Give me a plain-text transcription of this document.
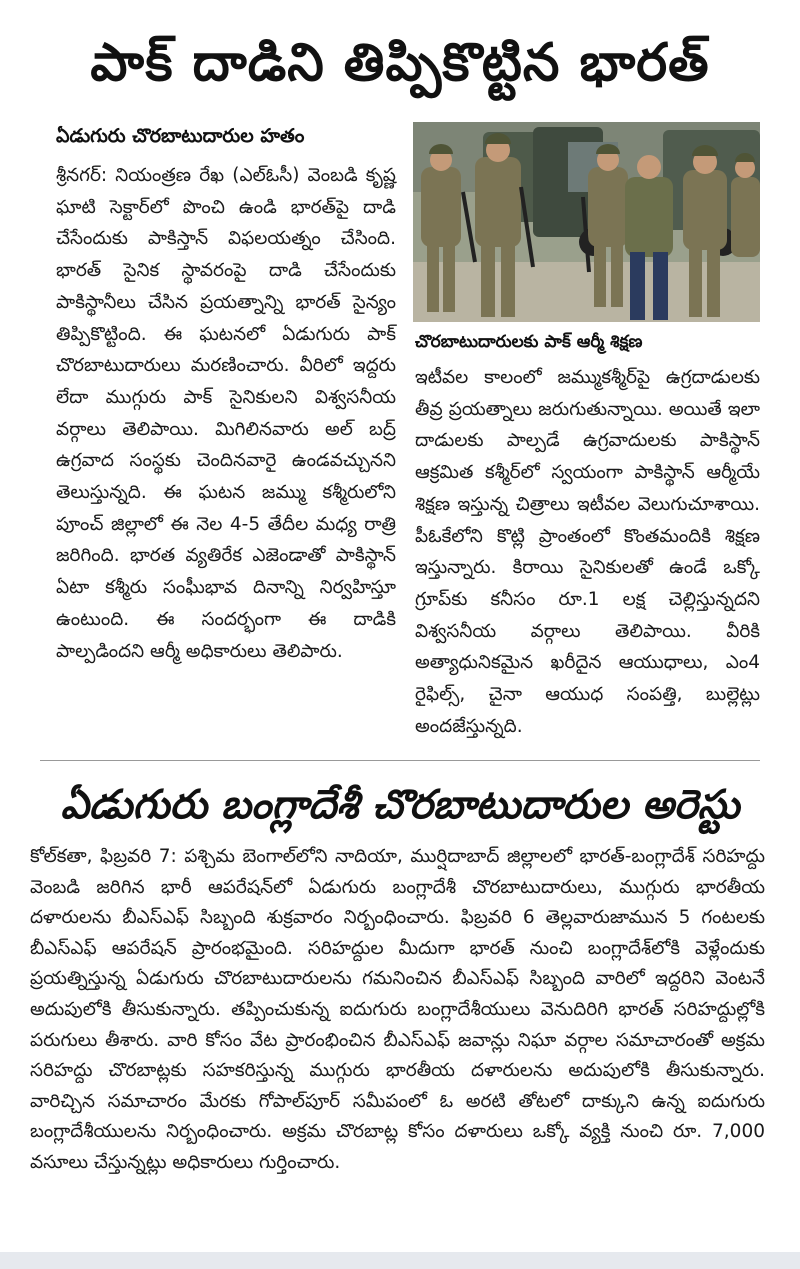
పాక్ దాడిని తిప్పికొట్టిన భారత్
ఏడుగురు చొరబాటుదారుల హతం

శ్రీనగర్: నియంత్రణ రేఖ (ఎల్‌ఓసీ) వెంబడి కృష్ణ ఘాటి సెక్టార్‌లో పొంచి ఉండి భారత్‌పై దాడి చేసేందుకు పాకిస్తాన్ విఫలయత్నం చేసింది. భారత్ సైనిక స్థావరంపై దాడి చేసేందుకు పాకిస్థానీలు చేసిన ప్రయత్నాన్ని భారత్ సైన్యం తిప్పికొట్టింది. ఈ ఘటనలో ఏడుగురు పాక్ చొరబాటుదారులు మరణించారు. వీరిలో ఇద్దరు లేదా ముగ్గురు పాక్ సైనికులని విశ్వసనీయ వర్గాలు తెలిపాయి. మిగిలినవారు అల్ బద్ర్ ఉగ్రవాద సంస్థకు చెందినవారై ఉండవచ్చునని తెలుస్తున్నది. ఈ ఘటన జమ్ము కశ్మీరులోని పూంచ్ జిల్లాలో ఈ నెల 4-5 తేదీల మధ్య రాత్రి జరిగింది. భారత వ్యతిరేక ఎజెండాతో పాకిస్థాన్ ఏటా కశ్మీరు సంఘీభావ దినాన్ని నిర్వహిస్తూ ఉంటుంది. ఈ సందర్భంగా ఈ దాడికి పాల్పడిందని ఆర్మీ అధికారులు తెలిపారు.

చొరబాటుదారులకు పాక్ ఆర్మీ శిక్షణ

ఇటీవల కాలంలో జమ్ముకశ్మీర్‌పై ఉగ్రదాడులకు తీవ్ర ప్రయత్నాలు జరుగుతున్నాయి. అయితే ఇలా దాడులకు పాల్పడే ఉగ్రవాదులకు పాకిస్థాన్ ఆక్రమిత కశ్మీర్‌లో స్వయంగా పాకిస్థాన్ ఆర్మీయే శిక్షణ ఇస్తున్న చిత్రాలు ఇటీవల వెలుగుచూశాయి. పీఓకేలోని కొట్లి ప్రాంతంలో కొంతమందికి శిక్షణ ఇస్తున్నారు. కిరాయి సైనికులతో ఉండే ఒక్కో గ్రూప్‌కు కనీసం రూ.1 లక్ష చెల్లిస్తున్నదని విశ్వసనీయ వర్గాలు తెలిపాయి. వీరికి అత్యాధునికమైన ఖరీదైన ఆయుధాలు, ఎం4 రైఫిల్స్, చైనా ఆయుధ సంపత్తి, బుల్లెట్లు అందజేస్తున్నది.

ఏడుగురు బంగ్లాదేశీ చొరబాటుదారుల అరెస్టు

కోల్‌కతా, ఫిబ్రవరి 7: పశ్చిమ బెంగాల్‌లోని నాదియా, ముర్షిదాబాద్ జిల్లాలలో భారత్-బంగ్లాదేశ్ సరిహద్దు వెంబడి జరిగిన భారీ ఆపరేషన్‌లో ఏడుగురు బంగ్లాదేశీ చొరబాటుదారులు, ముగ్గురు భారతీయ దళారులను బీఎస్‌ఎఫ్ సిబ్బంది శుక్రవారం నిర్బంధించారు. ఫిబ్రవరి 6 తెల్లవారుజామున 5 గంటలకు బీఎస్‌ఎఫ్ ఆపరేషన్ ప్రారంభమైంది. సరిహద్దుల మీదుగా భారత్ నుంచి బంగ్లాదేశ్‌లోకి వెళ్లేందుకు ప్రయత్నిస్తున్న ఏడుగురు చొరబాటుదారులను గమనించిన బీఎస్‌ఎఫ్ సిబ్బంది వారిలో ఇద్దరిని వెంటనే అదుపులోకి తీసుకున్నారు. తప్పించుకున్న ఐదుగురు బంగ్లాదేశీయులు వెనుదిరిగి భారత్ సరిహద్దుల్లోకి పరుగులు తీశారు. వారి కోసం వేట ప్రారంభించిన బీఎస్‌ఎఫ్ జవాన్లు నిఘా వర్గాల సమాచారంతో అక్రమ సరిహద్దు చొరబాట్లకు సహకరిస్తున్న ముగ్గురు భారతీయ దళారులను అదుపులోకి తీసుకున్నారు. వారిచ్చిన సమాచారం మేరకు గోపాల్‌పూర్ సమీపంలో ఓ అరటి తోటలో దాక్కుని ఉన్న ఐదుగురు బంగ్లాదేశీయులను నిర్బంధించారు. అక్రమ చొరబాట్ల కోసం దళారులు ఒక్కో వ్యక్తి నుంచి రూ. 7,000 వసూలు చేస్తున్నట్లు అధికారులు గుర్తించారు.
